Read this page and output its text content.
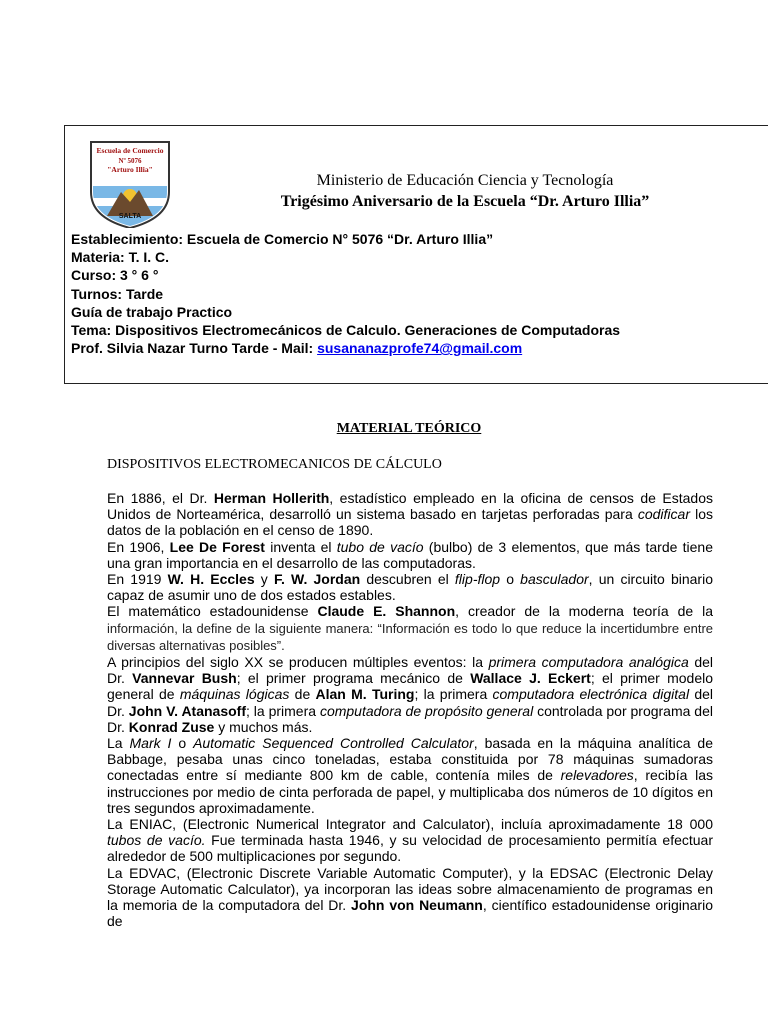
Escuela de Comercio
Nº 5076
"Arturo Illia"
SALTA
Ministerio de Educación Ciencia y Tecnología
Trigésimo Aniversario de la Escuela “Dr. Arturo Illia”
Establecimiento: Escuela de Comercio N° 5076 “Dr. Arturo Illia”
Materia: T. I. C.
Curso: 3 ° 6 °
Turnos: Tarde
Guía de trabajo Practico
Tema: Dispositivos Electromecánicos de Calculo. Generaciones de Computadoras
Prof. Silvia Nazar Turno Tarde - Mail: susananazprofe74@gmail.com
MATERIAL TEÓRICO
DISPOSITIVOS ELECTROMECANICOS DE CÁLCULO

En 1886, el Dr. Herman Hollerith, estadístico empleado en la oficina de censos de Estados Unidos de Norteamérica, desarrolló un sistema basado en tarjetas perforadas para codificar los datos de la población en el censo de 1890.

En 1906, Lee De Forest inventa el tubo de vacío (bulbo) de 3 elementos, que más tarde tiene una gran importancia en el desarrollo de las computadoras.

En 1919 W. H. Eccles y F. W. Jordan descubren el flip-flop o basculador, un circuito binario capaz de asumir uno de dos estados estables.

El matemático estadounidense Claude E. Shannon, creador de la moderna teoría de la información, la define de la siguiente manera: “Información es todo lo que reduce la incertidumbre entre diversas alternativas posibles”.

A principios del siglo XX se producen múltiples eventos: la primera computadora analógica del Dr. Vannevar Bush; el primer programa mecánico de Wallace J. Eckert; el primer modelo general de máquinas lógicas de Alan M. Turing; la primera computadora electrónica digital del Dr. John V. Atanasoff; la primera computadora de propósito general controlada por programa del Dr. Konrad Zuse y muchos más.

La Mark I o Automatic Sequenced Controlled Calculator, basada en la máquina analítica de Babbage, pesaba unas cinco toneladas, estaba constituida por 78 máquinas sumadoras conectadas entre sí mediante 800 km de cable, contenía miles de relevadores, recibía las instrucciones por medio de cinta perforada de papel, y multiplicaba dos números de 10 dígitos en tres segundos aproximadamente.

La ENIAC, (Electronic Numerical Integrator and Calculator), incluía aproximadamente 18 000 tubos de vacío. Fue terminada hasta 1946, y su velocidad de procesamiento permitía efectuar alrededor de 500 multiplicaciones por segundo.

La EDVAC, (Electronic Discrete Variable Automatic Computer), y la EDSAC (Electronic Delay Storage Automatic Calculator), ya incorporan las ideas sobre almacenamiento de programas en la memoria de la computadora del Dr. John von Neumann, científico estadounidense originario de
